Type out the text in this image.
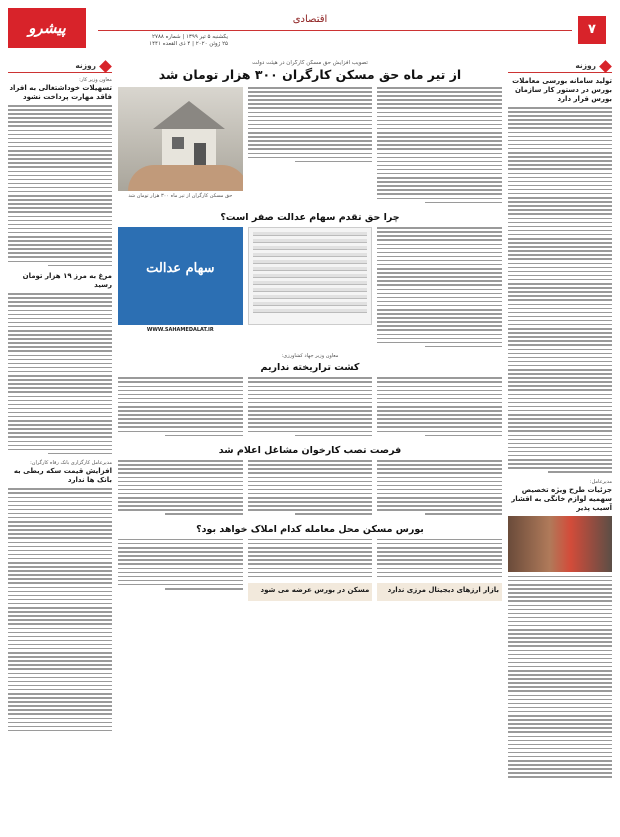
۷
اقتصادی
پیشرو	یکشنبه ۵ تیر ۱۳۹۹ | شماره ۲۷۸۸
۲۵ ژوئن ۲۰۲۰ | ۴ ذی القعده ۱۴۴۱
روزنه
تولید سامانه بورسی معاملات بورس در دستور کار سازمان بورس قرار دارد
مدیرعامل:
جزئیات طرح ویژه تخصیص سهمیه لوازم خانگی به اقشار آسیب پذیر
روزنه
معاون وزیر کار:
تسهیلات خوداشتغالی به افراد فاقد مهارت پرداخت نشود
مرغ به مرز ۱۹ هزار تومان رسید
مدیرعامل کارگزاری بانک رفاه کارگران:
افزایش قیمت سکه ربطی به بانک ها ندارد
تصویب افزایش حق مسکن کارگران در هیئت دولت
از تیر ماه حق مسکن کارگران ۳۰۰ هزار تومان شد
حق مسکن کارگران از تیر ماه ۳۰۰ هزار تومان شد
چرا حق تقدم سهام عدالت صفر است؟
سهام عدالت
WWW.SAHAMEDALAT.IR
معاون وزیر جهاد کشاورزی:
کشت تراریخته نداریم
فرصت تصب کارخوان مشاغل اعلام شد
بورس مسکن محل معامله کدام املاک خواهد بود؟
بازار ارزهای دیجیتال مرزی ندارد
مسکن در بورس عرضه می شود
